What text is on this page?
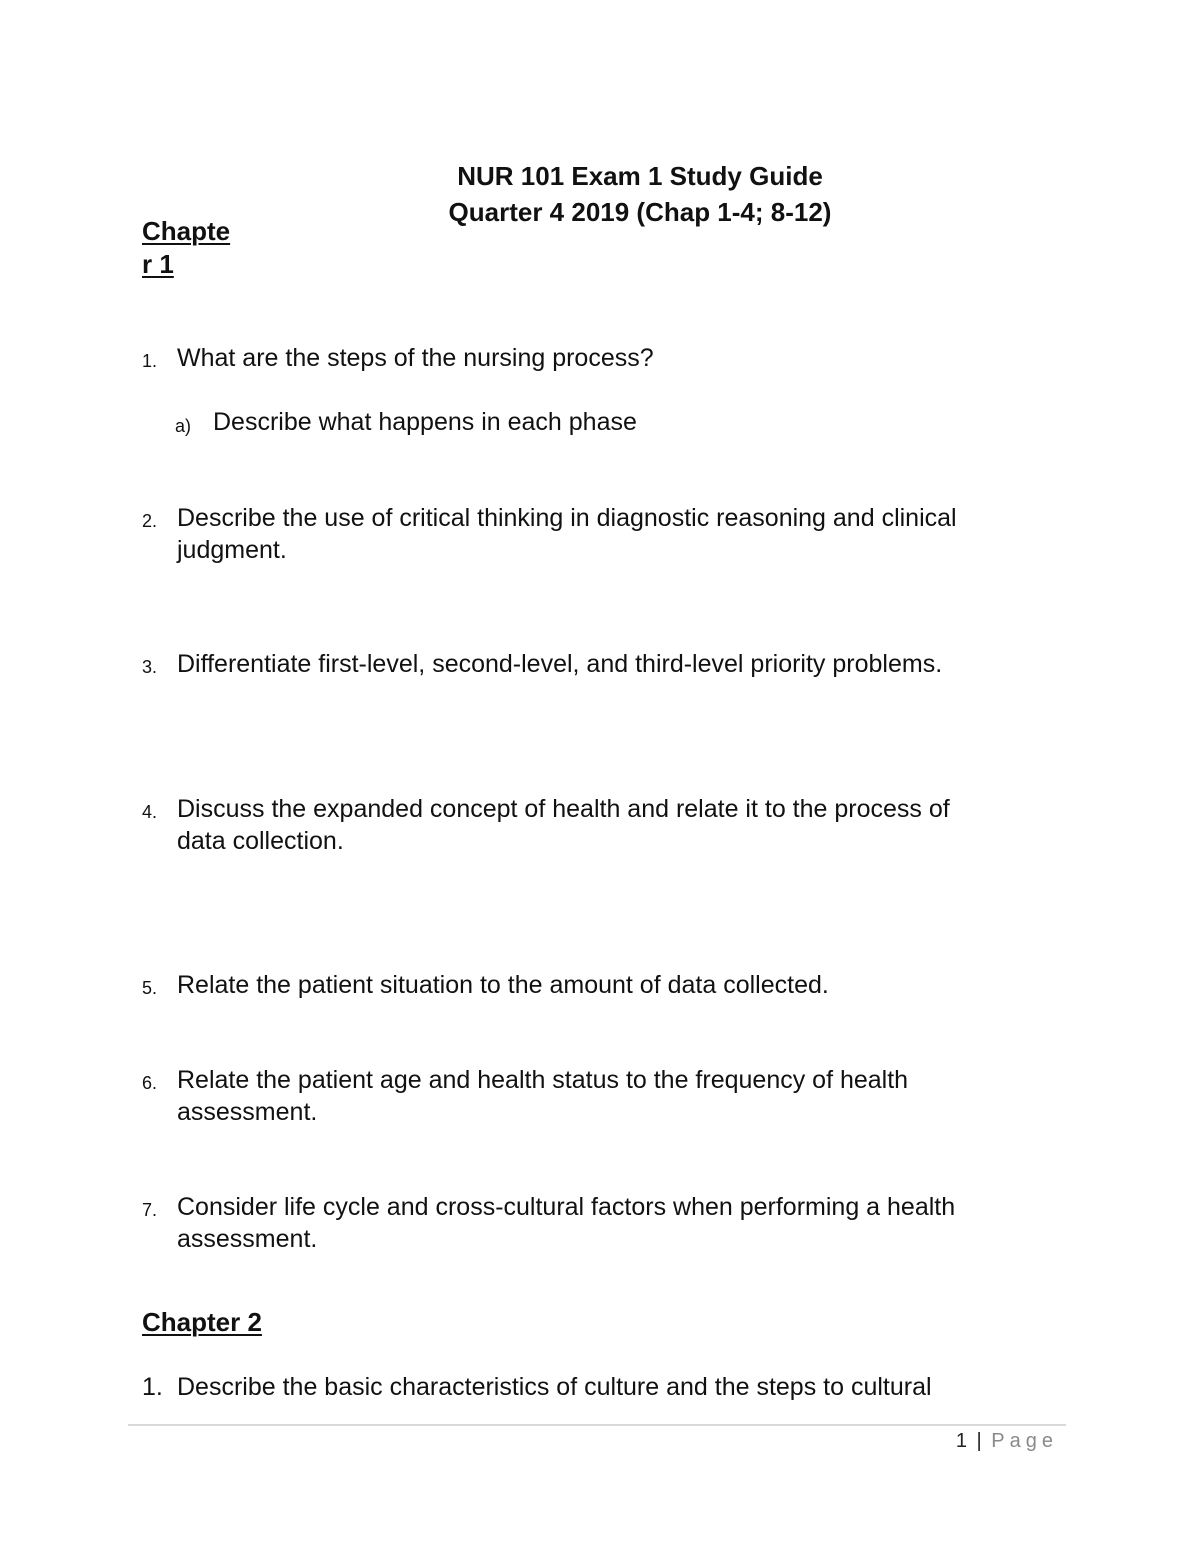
NUR 101 Exam 1 Study Guide
Quarter 4 2019 (Chap 1-4; 8-12)
Chapte
r 1
1. What are the steps of the nursing process?
a) Describe what happens in each phase
2. Describe the use of critical thinking in diagnostic reasoning and clinical
judgment.
3. Differentiate first-level, second-level, and third-level priority problems.
4. Discuss the expanded concept of health and relate it to the process of
data collection.
5. Relate the patient situation to the amount of data collected.
6. Relate the patient age and health status to the frequency of health
assessment.
7. Consider life cycle and cross-cultural factors when performing a health
assessment.
Chapter 2
1. Describe the basic characteristics of culture and the steps to cultural
1 | Page
